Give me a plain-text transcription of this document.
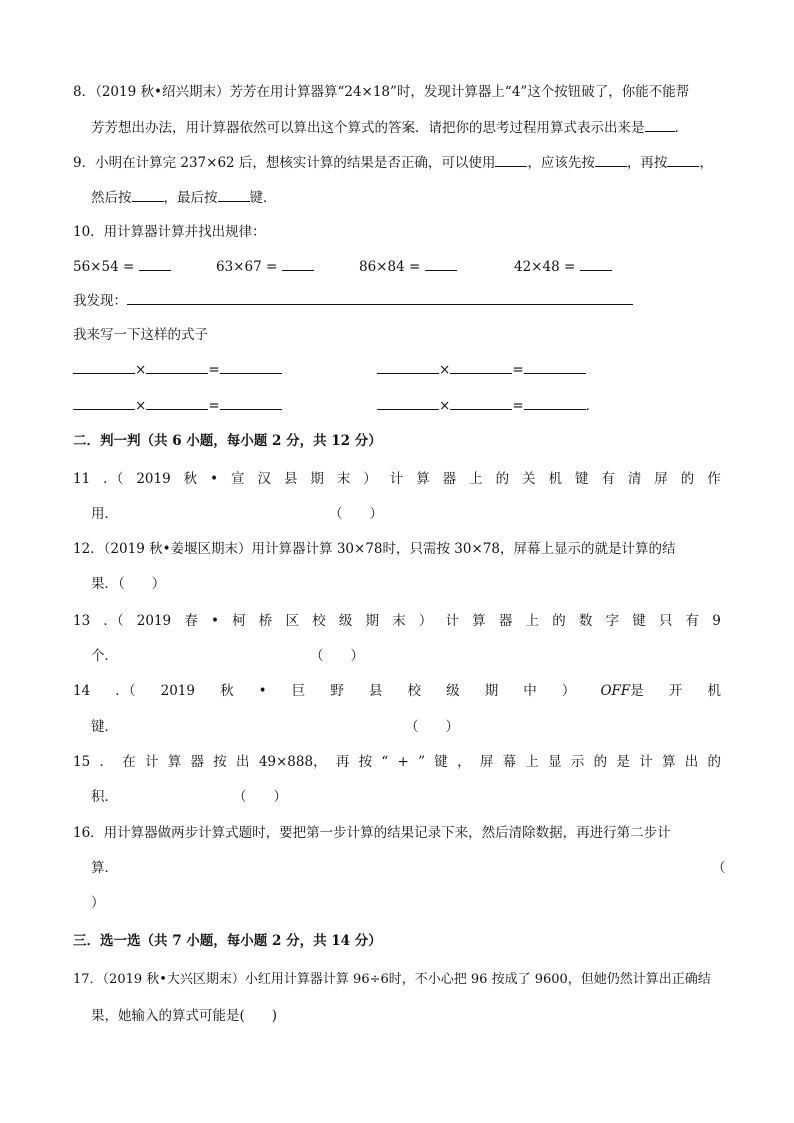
8．（2019 秋•绍兴期末）芳芳在用计算器算“24×18”时，发现计算器上“4”这个按钮破了，你能不能帮
芳芳想出办法，用计算器依然可以算出这个算式的答案．请把你的思考过程用算式表示出来是 ．
9．小明在计算完 237×62 后，想核实计算的结果是否正确，可以使用 ，应该先按 ，再按 ，
然后按 ，最后按 键．
10．用计算器计算并找出规律：
56×54 =	63×67 =	86×84 =	42×48 =
我发现：
我来写一下这样的式子
×	=	×	=
×	=	×	=	．
二．判一判（共 6 小题，每小题 2 分，共 12 分）
11 ．（ 2019 秋 • 宣 汉 县 期 末 ） 计 算 器 上 的 关 机 键 有 清 屏 的 作
用．	（　　）
12．（2019 秋•姜堰区期末）用计算器计算 30×78时，只需按 30×78，屏幕上显示的就是计算的结
果．（　　）
13 ．（ 2019 春 • 柯 桥 区 校 级 期 末 ） 计 算 器 上 的 数 字 键 只 有 9
个．	（　　）
14 ．（ 2019 秋 • 巨 野 县 校 级 期 中 ） OFF是 开 机
键．	（　　）
15 ． 在 计 算 器 按 出 49×888， 再 按 “ + ” 键 ， 屏 幕 上 显 示 的 是 计 算 出 的
积．	（　　）
16．用计算器做两步计算式题时，要把第一步计算的结果记录下来，然后清除数据，再进行第二步计
算．	（
）
三．选一选（共 7 小题，每小题 2 分，共 14 分）
17．（2019 秋•大兴区期末）小红用计算器计算 96÷6时，不小心把 96 按成了 9600，但她仍然计算出正确结
果，她输入的算式可能是(　　)
